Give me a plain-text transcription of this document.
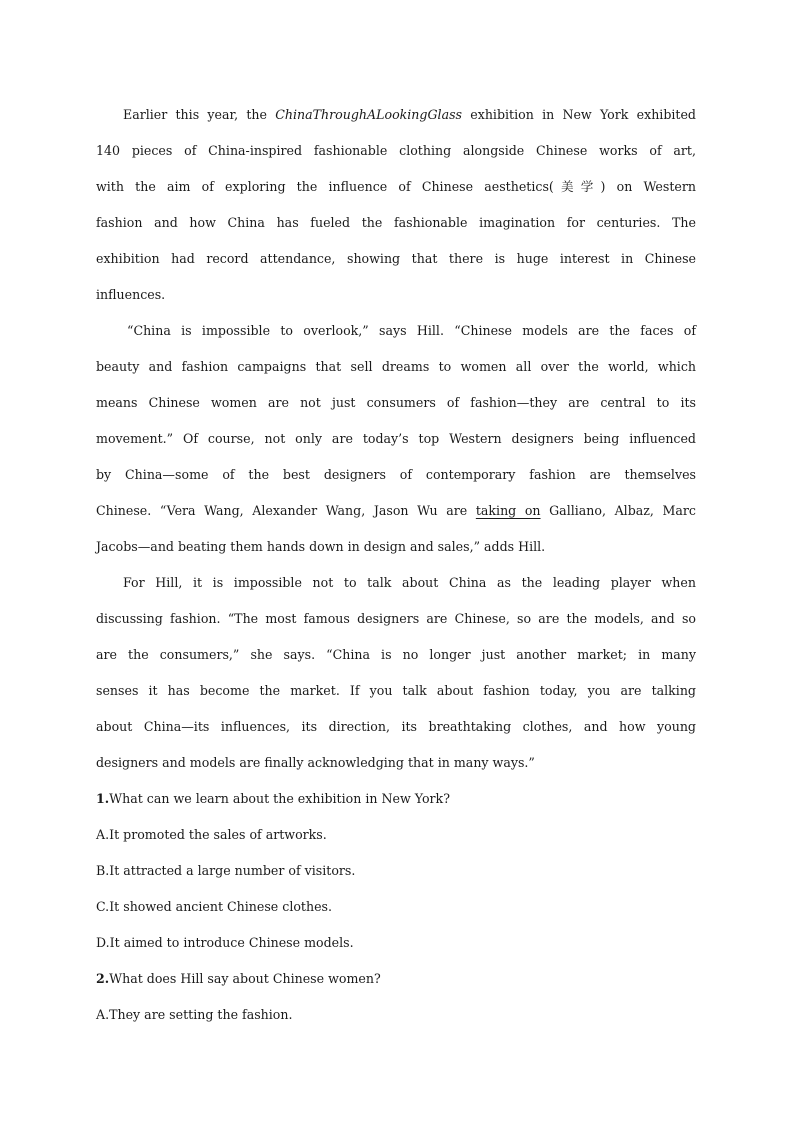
Earlier this year, the ChinaThroughALookingGlass exhibition in New York exhibited
140 pieces of China-inspired fashionable clothing alongside Chinese works of art,
with the aim of exploring the influence of Chinese aesthetics(美学) on Western
fashion and how China has fueled the fashionable imagination for centuries. The
exhibition had record attendance, showing that there is huge interest in Chinese
influences.
“China is impossible to overlook,” says Hill. “Chinese models are the faces of
beauty and fashion campaigns that sell dreams to women all over the world, which
means Chinese women are not just consumers of fashion—they are central to its
movement.” Of course, not only are today’s top Western designers being influenced
by China—some of the best designers of contemporary fashion are themselves
Chinese. “Vera Wang, Alexander Wang, Jason Wu are taking on Galliano, Albaz, Marc
Jacobs—and beating them hands down in design and sales,” adds Hill.
For Hill, it is impossible not to talk about China as the leading player when
discussing fashion. “The most famous designers are Chinese, so are the models, and so
are the consumers,” she says. “China is no longer just another market; in many
senses it has become the market. If you talk about fashion today, you are talking
about China—its influences, its direction, its breathtaking clothes, and how young
designers and models are finally acknowledging that in many ways.”
1.What can we learn about the exhibition in New York?
A.It promoted the sales of artworks.
B.It attracted a large number of visitors.
C.It showed ancient Chinese clothes.
D.It aimed to introduce Chinese models.
2.What does Hill say about Chinese women?
A.They are setting the fashion.
